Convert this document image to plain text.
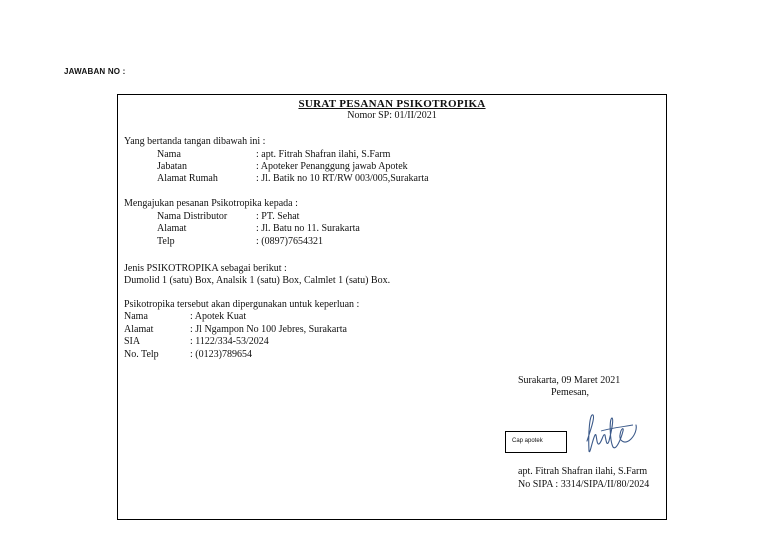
JAWABAN NO :
SURAT PESANAN PSIKOTROPIKA
Nomor SP: 01/II/2021
Yang bertanda tangan dibawah ini :
Nama	: apt. Fitrah Shafran ilahi, S.Farm
Jabatan	: Apoteker Penanggung jawab Apotek
Alamat Rumah	: Jl. Batik no 10 RT/RW 003/005,Surakarta
Mengajukan pesanan Psikotropika kepada :
Nama Distributor	: PT. Sehat
Alamat	: Jl. Batu no 11. Surakarta
Telp	: (0897)7654321
Jenis PSIKOTROPIKA sebagai berikut :
Dumolid 1 (satu) Box, Analsik 1 (satu) Box, Calmlet 1 (satu) Box.
Psikotropika tersebut akan dipergunakan untuk keperluan :
Nama	: Apotek Kuat
Alamat	: Jl Ngampon No 100 Jebres, Surakarta
SIA	: 1122/334-53/2024
No. Telp	: (0123)789654
Surakarta, 09 Maret 2021
Pemesan,
Cap apotek
apt. Fitrah Shafran ilahi, S.Farm
No SIPA : 3314/SIPA/II/80/2024
